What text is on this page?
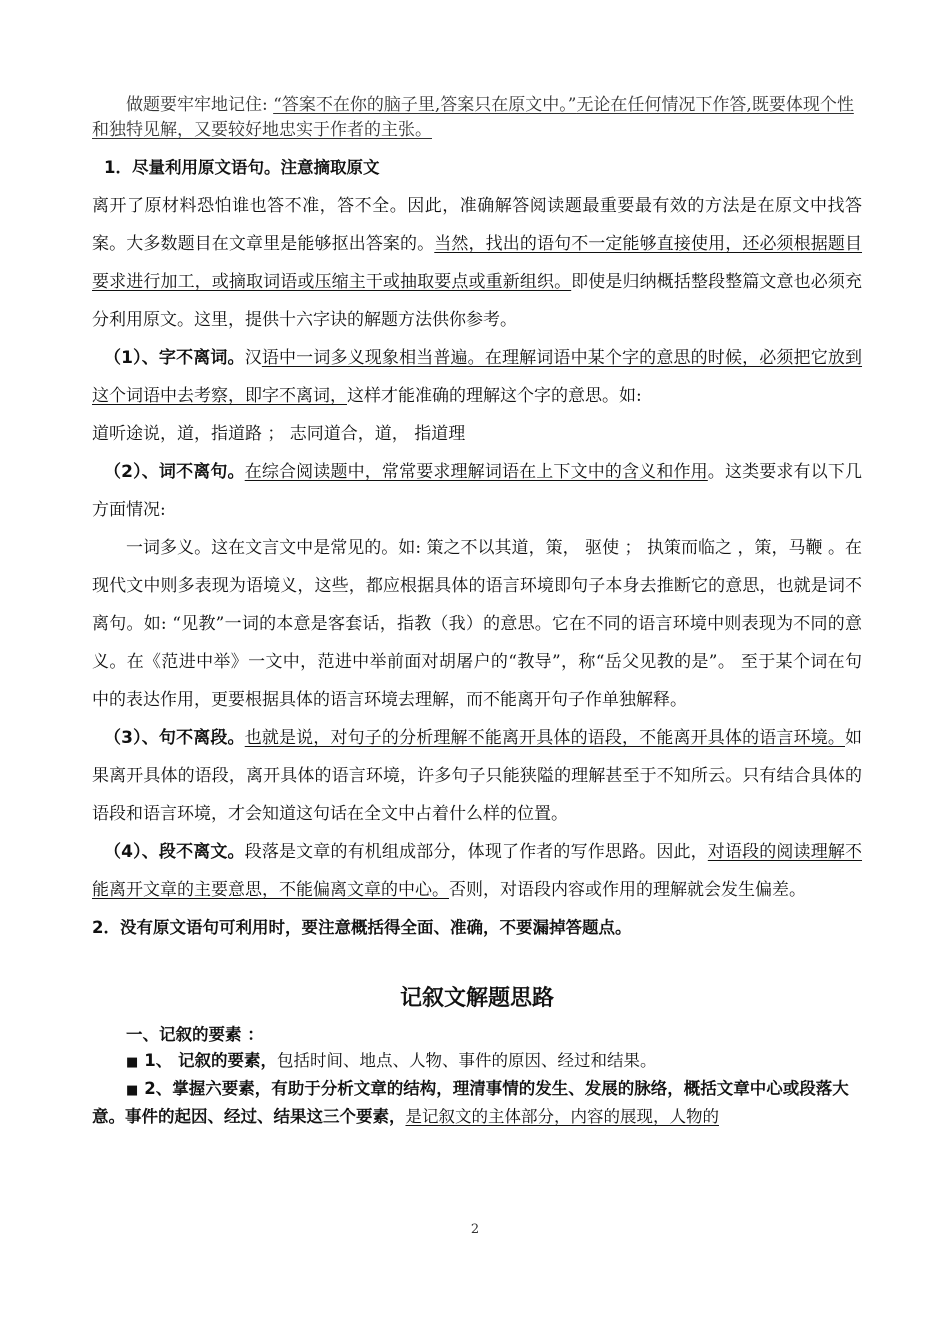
做题要牢牢地记住: “答案不在你的脑子里,答案只在原文中。”无论在任何情况下作答,既要体现个性和独特见解，又要较好地忠实于作者的主张。

1．尽量利用原文语句。注意摘取原文

离开了原材料恐怕谁也答不准，答不全。因此，准确解答阅读题最重要最有效的方法是在原文中找答案。大多数题目在文章里是能够抠出答案的。当然，找出的语句不一定能够直接使用，还必须根据题目要求进行加工，或摘取词语或压缩主干或抽取要点或重新组织。即使是归纳概括整段整篇文意也必须充分利用原文。这里，提供十六字诀的解题方法供你参考。

（1）、字不离词。汉语中一词多义现象相当普遍。在理解词语中某个字的意思的时候，必须把它放到这个词语中去考察，即字不离词，这样才能准确的理解这个字的意思。如:

道听途说，道，指道路 ； 志同道合，道， 指道理

（2）、词不离句。在综合阅读题中，常常要求理解词语在上下文中的含义和作用。这类要求有以下几方面情况:

一词多义。这在文言文中是常见的。如: 策之不以其道，策， 驱使 ； 执策而临之 ，策，马鞭 。在现代文中则多表现为语境义，这些，都应根据具体的语言环境即句子本身去推断它的意思，也就是词不离句。如: “见教”一词的本意是客套话，指教（我）的意思。它在不同的语言环境中则表现为不同的意义。在《范进中举》一文中，范进中举前面对胡屠户的“教导”，称“岳父见教的是”。 至于某个词在句中的表达作用，更要根据具体的语言环境去理解，而不能离开句子作单独解释。

（3）、句不离段。也就是说，对句子的分析理解不能离开具体的语段，不能离开具体的语言环境。如果离开具体的语段，离开具体的语言环境，许多句子只能狭隘的理解甚至于不知所云。只有结合具体的语段和语言环境，才会知道这句话在全文中占着什么样的位置。

（4）、段不离文。段落是文章的有机组成部分，体现了作者的写作思路。因此，对语段的阅读理解不能离开文章的主要意思，不能偏离文章的中心。否则，对语段内容或作用的理解就会发生偏差。

2．没有原文语句可利用时，要注意概括得全面、准确，不要漏掉答题点。

记叙文解题思路

一、记叙的要素 ：

■ 1、 记叙的要素，包括时间、地点、人物、事件的原因、经过和结果。

■ 2、掌握六要素，有助于分析文章的结构，理清事情的发生、发展的脉络，概括文章中心或段落大意。事件的起因、经过、结果这三个要素，是记叙文的主体部分，内容的展现，人物的

2
